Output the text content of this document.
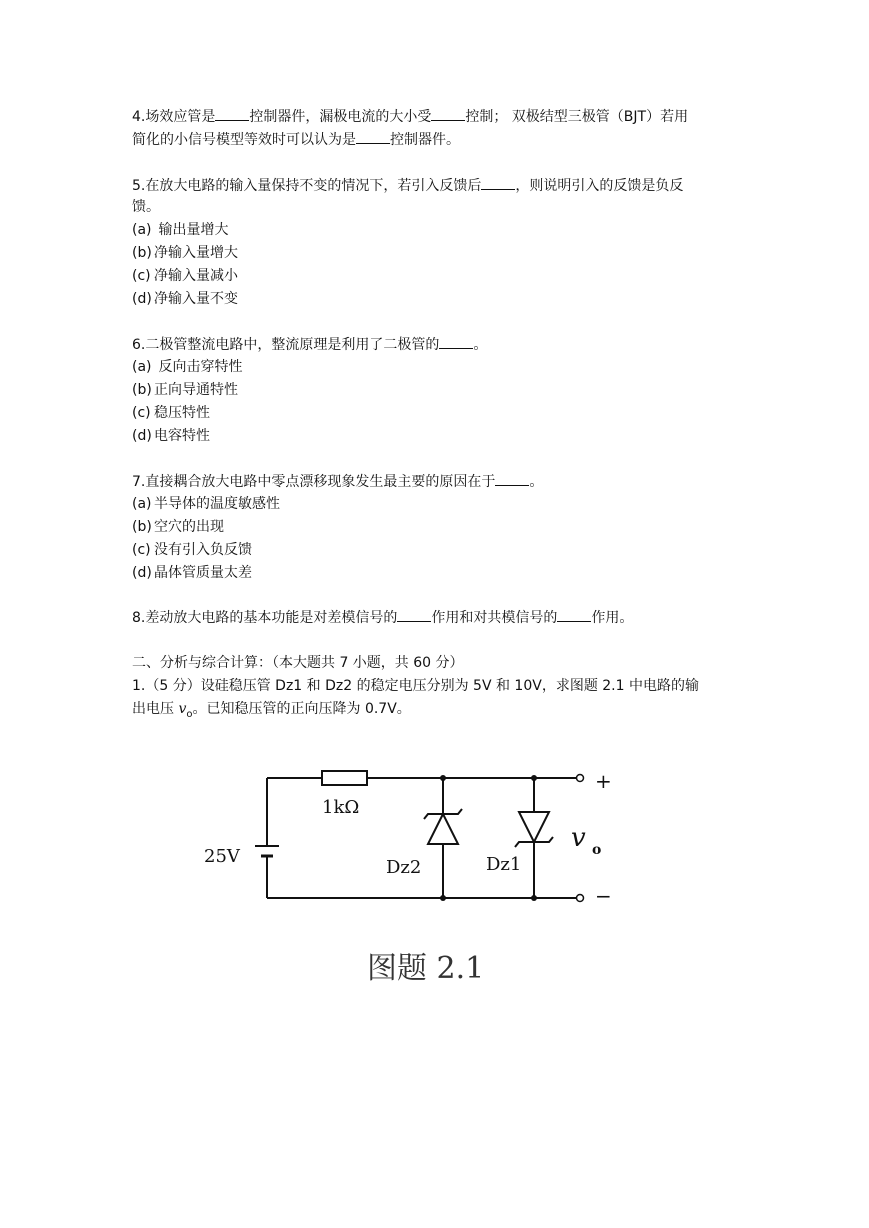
4.场效应管是 控制器件，漏极电流的大小受 控制； 双极结型三极管（BJT）若用
简化的小信号模型等效时可以认为是 控制器件。
5.在放大电路的输入量保持不变的情况下，若引入反馈后 ，则说明引入的反馈是负反
馈。
(a) 输出量增大
(b) 净输入量增大
(c) 净输入量减小
(d) 净输入量不变
6.二极管整流电路中，整流原理是利用了二极管的 。
(a) 反向击穿特性
(b) 正向导通特性
(c) 稳压特性
(d) 电容特性
7.直接耦合放大电路中零点漂移现象发生最主要的原因在于 。
(a) 半导体的温度敏感性
(b) 空穴的出现
(c) 没有引入负反馈
(d) 晶体管质量太差
8.差动放大电路的基本功能是对差模信号的 作用和对共模信号的 作用。
二、分析与综合计算：（本大题共 7 小题，共 60 分）
1.（5 分）设硅稳压管 Dz1 和 Dz2 的稳定电压分别为 5V 和 10V，求图题 2.1 中电路的输
出电压 $v_o$。已知稳压管的正向压降为 0.7V。
1kΩ
25V
Dz2	Dz1
+
−
v o
图题 2.1
